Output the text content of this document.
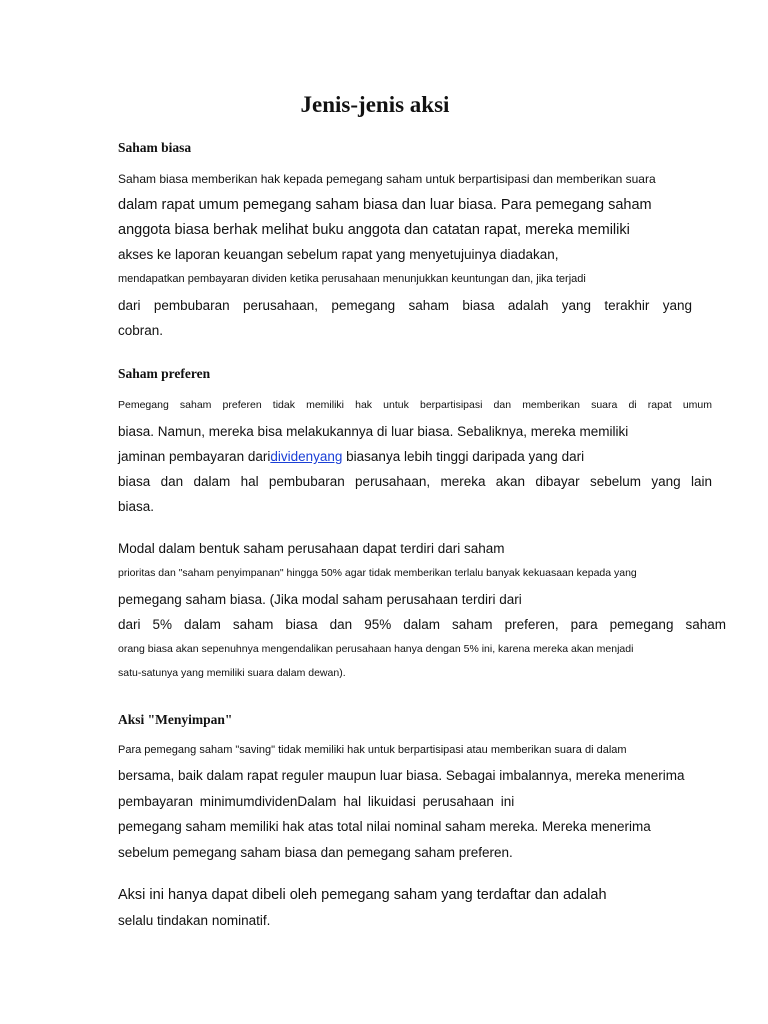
Jenis-jenis aksi
Saham biasa

Saham biasa memberikan hak kepada pemegang saham untuk berpartisipasi dan memberikan suara

dalam rapat umum pemegang saham biasa dan luar biasa. Para pemegang saham

anggota biasa berhak melihat buku anggota dan catatan rapat, mereka memiliki

akses ke laporan keuangan sebelum rapat yang menyetujuinya diadakan,

mendapatkan pembayaran dividen ketika perusahaan menunjukkan keuntungan dan, jika terjadi

dari pembubaran perusahaan, pemegang saham biasa adalah yang terakhir yang

cobran.

Saham preferen

Pemegang saham preferen tidak memiliki hak untuk berpartisipasi dan memberikan suara di rapat umum

biasa. Namun, mereka bisa melakukannya di luar biasa. Sebaliknya, mereka memiliki

jaminan pembayaran daridividenyang biasanya lebih tinggi daripada yang dari

biasa dan dalam hal pembubaran perusahaan, mereka akan dibayar sebelum yang lain

biasa.

Modal dalam bentuk saham perusahaan dapat terdiri dari saham

prioritas dan "saham penyimpanan" hingga 50% agar tidak memberikan terlalu banyak kekuasaan kepada yang

pemegang saham biasa. (Jika modal saham perusahaan terdiri dari

dari 5% dalam saham biasa dan 95% dalam saham preferen, para pemegang saham

orang biasa akan sepenuhnya mengendalikan perusahaan hanya dengan 5% ini, karena mereka akan menjadi

satu-satunya yang memiliki suara dalam dewan).

Aksi "Menyimpan"

Para pemegang saham "saving" tidak memiliki hak untuk berpartisipasi atau memberikan suara di dalam

bersama, baik dalam rapat reguler maupun luar biasa. Sebagai imbalannya, mereka menerima

pembayaran minimumdividenDalam hal likuidasi perusahaan ini

pemegang saham memiliki hak atas total nilai nominal saham mereka. Mereka menerima

sebelum pemegang saham biasa dan pemegang saham preferen.

Aksi ini hanya dapat dibeli oleh pemegang saham yang terdaftar dan adalah

selalu tindakan nominatif.
